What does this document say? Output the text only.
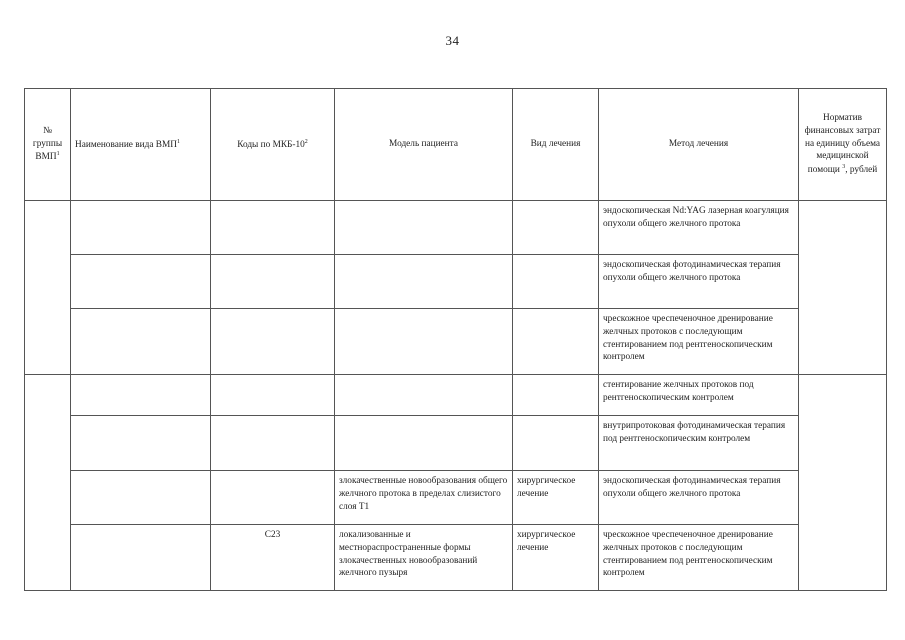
34
№ группы ВМП$^1$	Наименование вида ВМП$^1$	Коды по МКБ-$10^2$	Модель пациента	Вид лечения	Метод лечения	Норматив финансовых затрат на единицу объема медицинской помощи $^3$, рублей
					эндоскопическая Nd:YAG лазерная коагуляция опухоли общего желчного протока	
					эндоскопическая фотодинамическая терапия опухоли общего желчного протока	
					чрескожное чреспеченочное дренирование желчных протоков с последующим стентированием под рентгеноскопическим контролем	
					стентирование желчных протоков под рентгеноскопическим контролем	
					внутрипротоковая фотодинамическая терапия под рентгеноскопическим контролем	
			злокачественные новообразования общего желчного протока в пределах слизистого слоя T1	хирургическое лечение	эндоскопическая фотодинамическая терапия опухоли общего желчного протока	
		C23	локализованные и местнораспространенные формы злокачественных новообразований желчного пузыря	хирургическое лечение	чрескожное чреспеченочное дренирование желчных протоков с последующим стентированием под рентгеноскопическим контролем	
